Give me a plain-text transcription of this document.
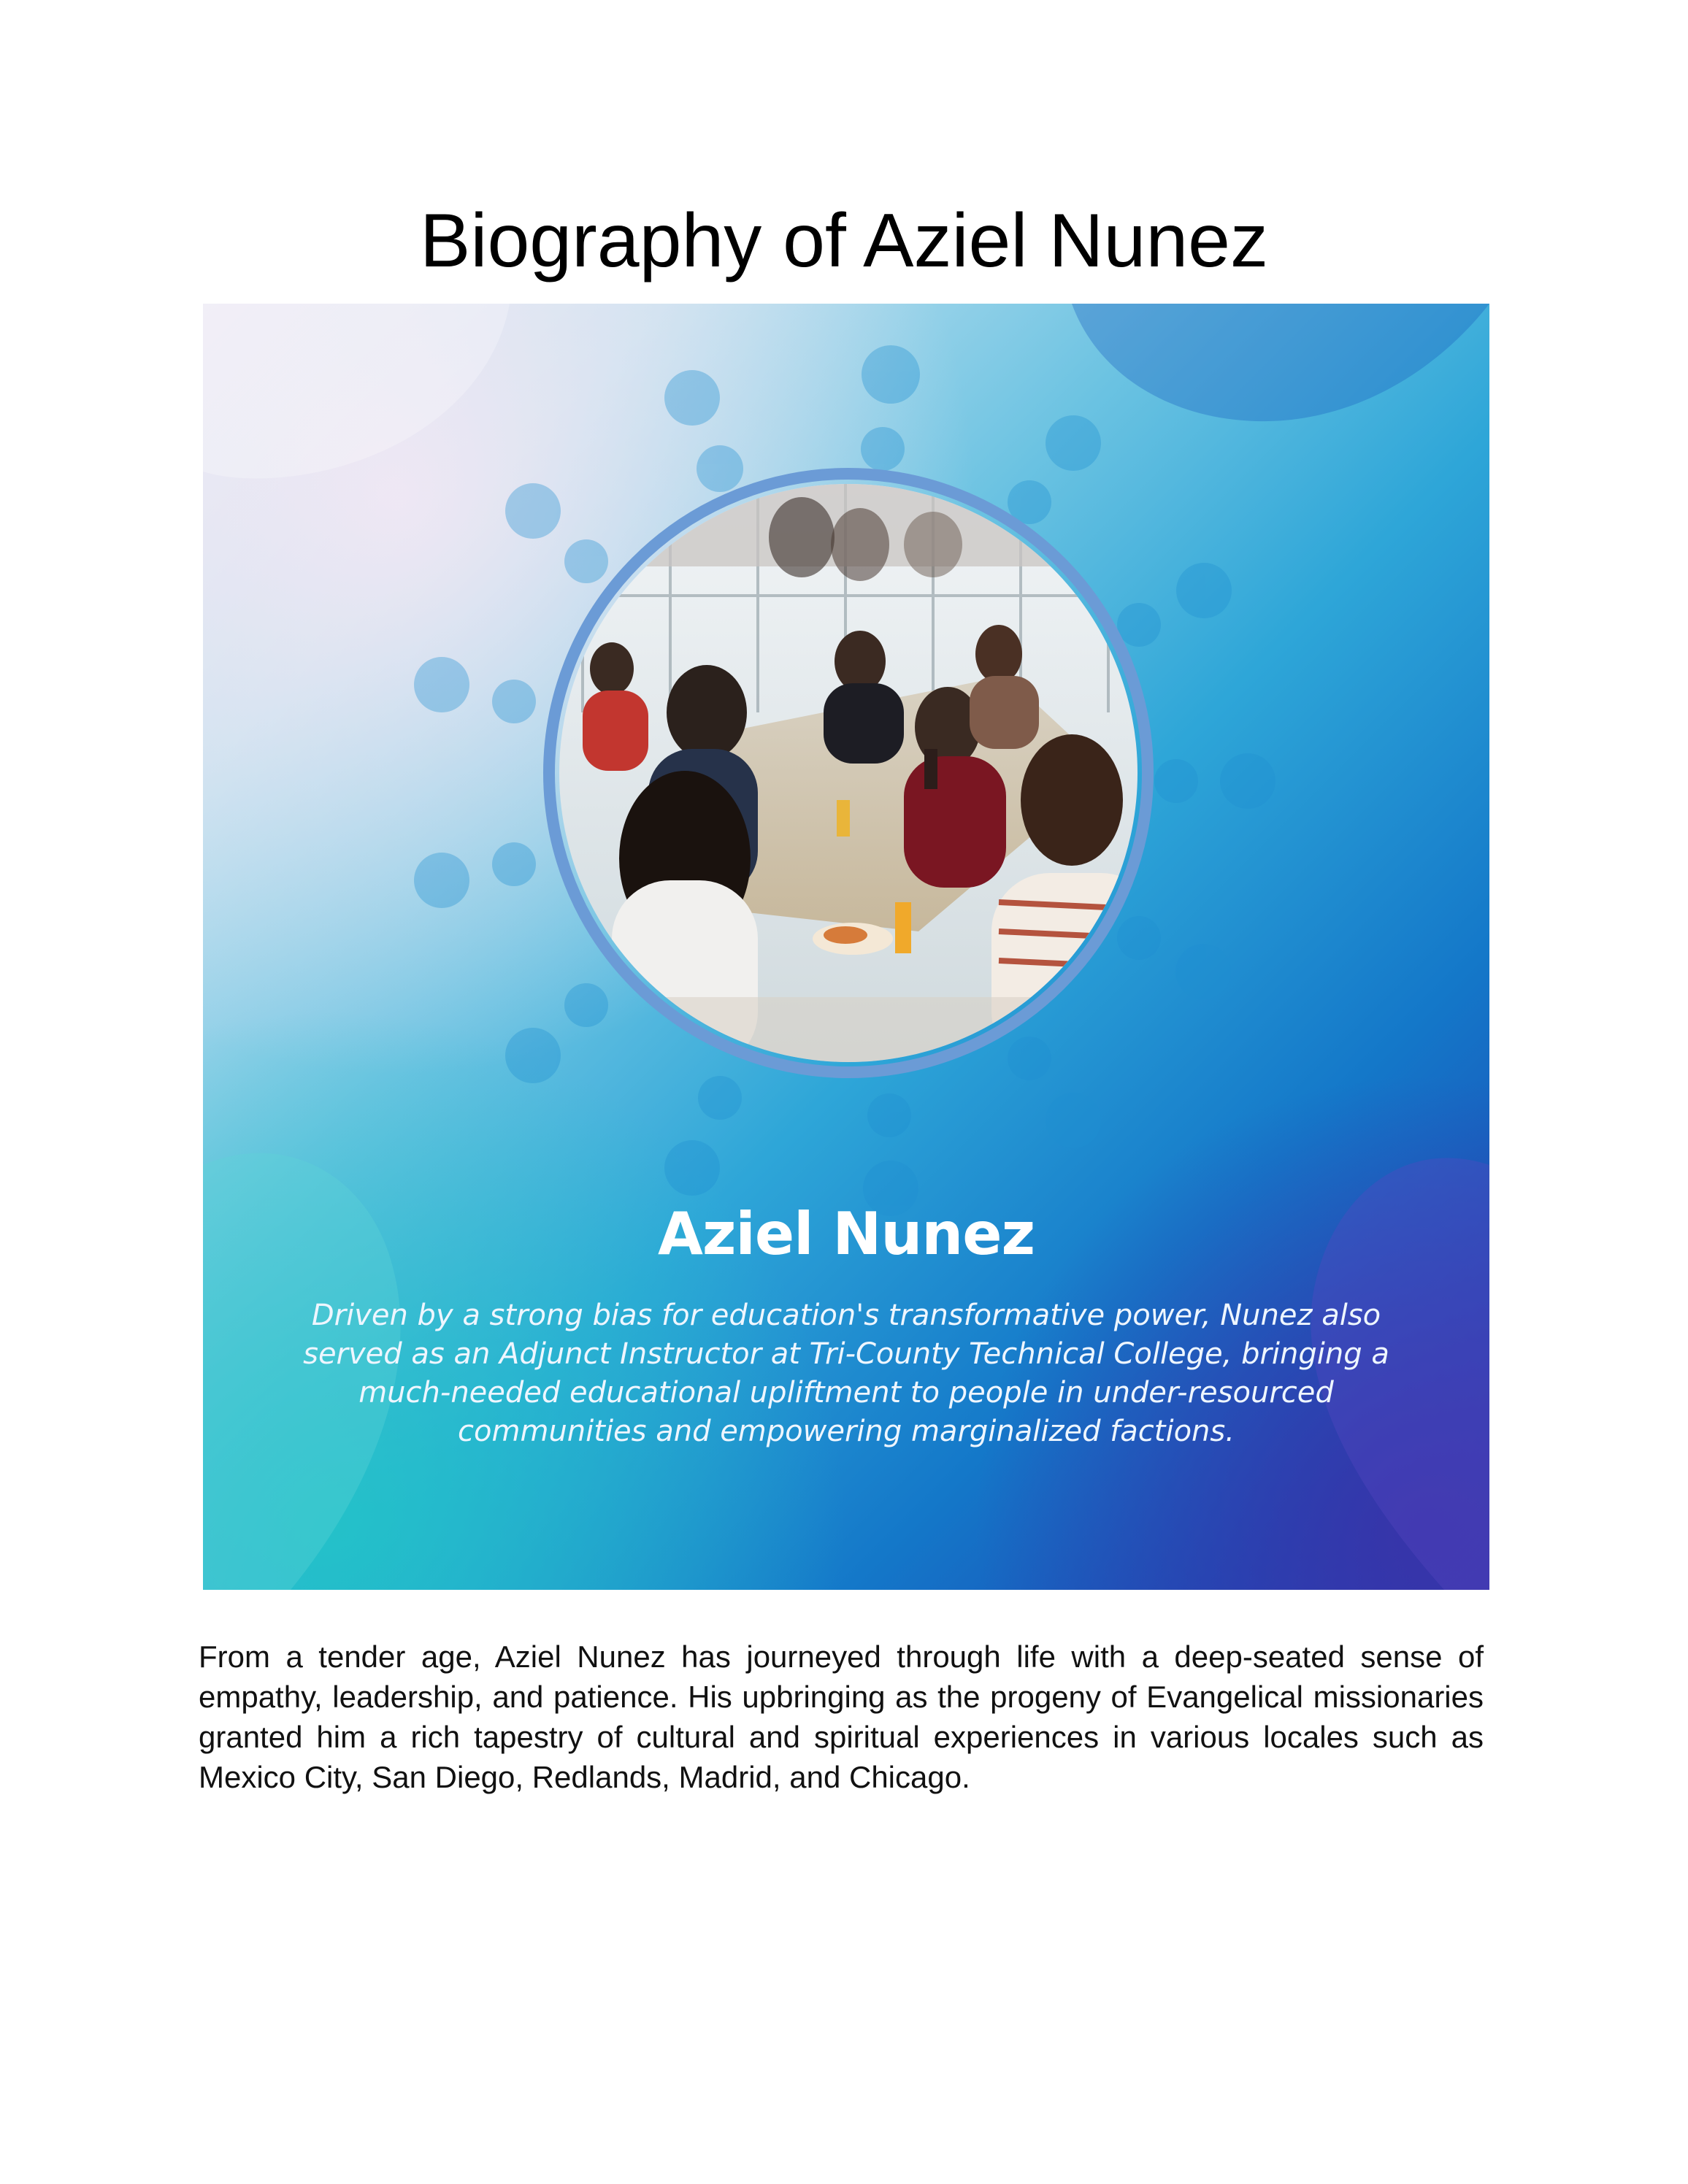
Biography of Aziel Nunez
Aziel Nunez
Driven by a strong bias for education's transformative power, Nunez also served as an Adjunct Instructor at Tri-County Technical College, bringing a much-needed educational upliftment to people in under-resourced communities and empowering marginalized factions.

From a tender age, Aziel Nunez has journeyed through life with a deep-seated sense of empathy, leadership, and patience. His upbringing as the progeny of Evangelical missionaries granted him a rich tapestry of cultural and spiritual experiences in various locales such as Mexico City, San Diego, Redlands, Madrid, and Chicago.
